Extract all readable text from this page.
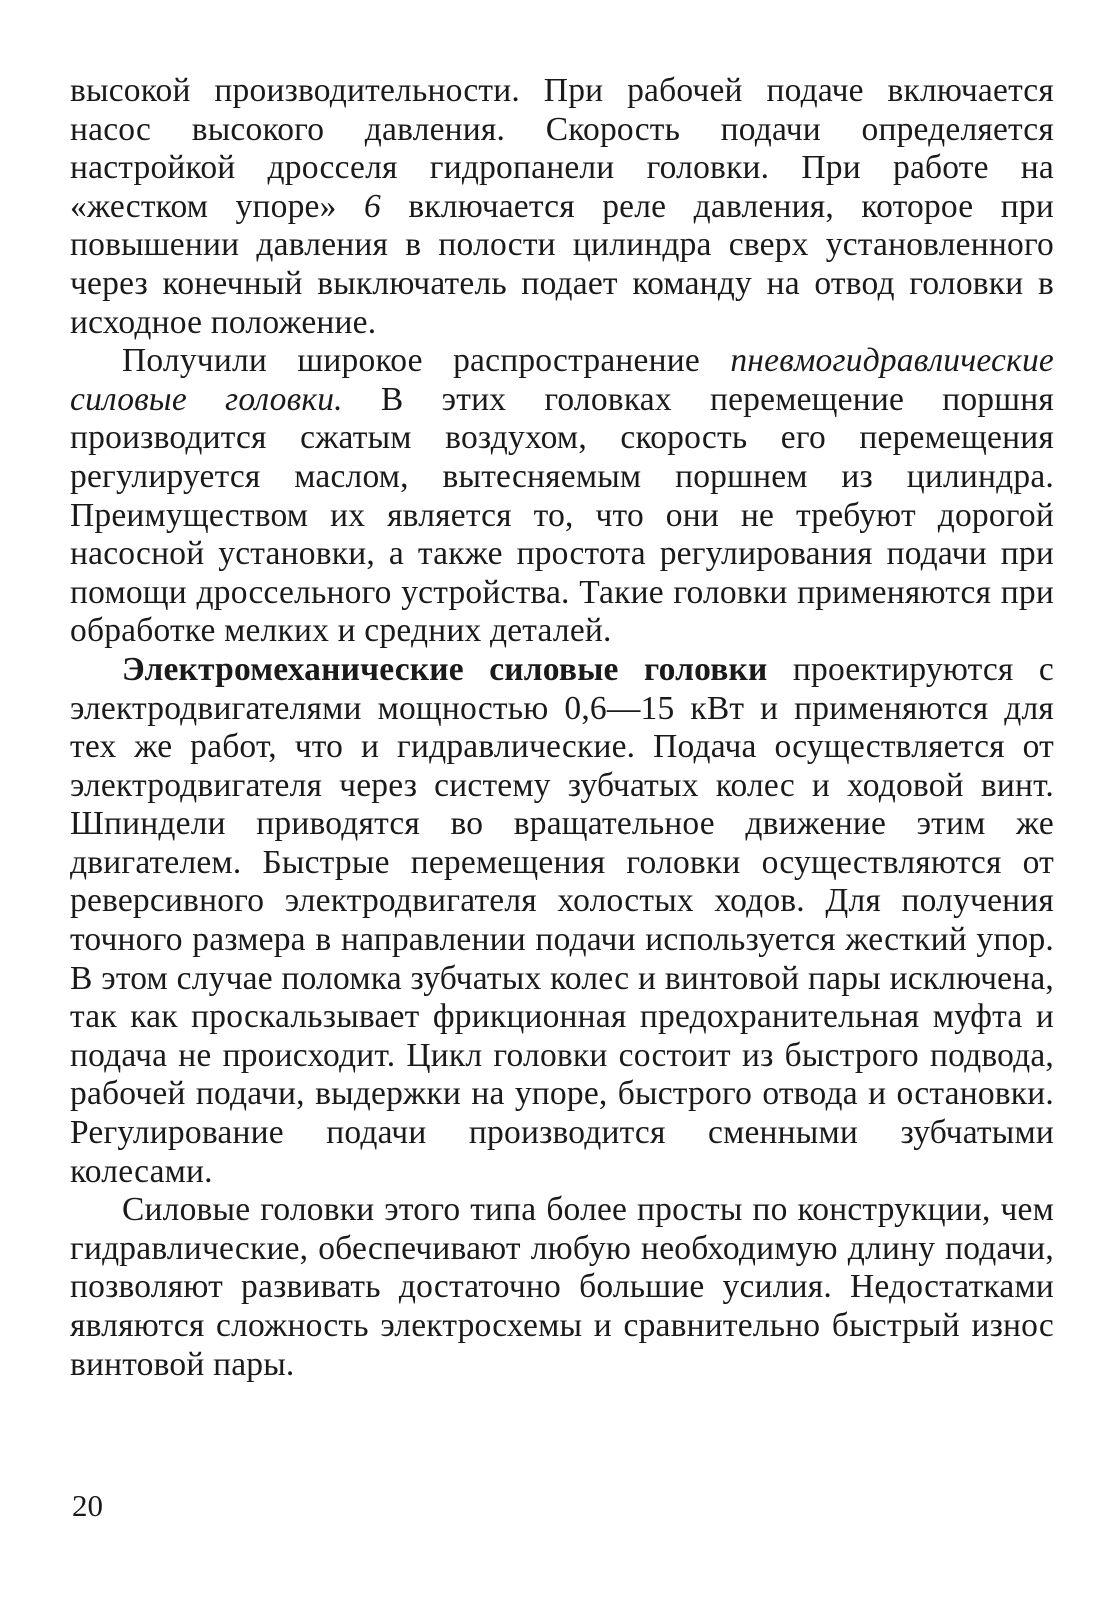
высокой производительности. При рабочей подаче включается насос высокого давления. Скорость подачи определяется настройкой дросселя гидропанели головки. При работе на «жестком упоре» 6 включается реле давления, которое при повышении давления в полости цилиндра сверх установленного через конечный выключатель подает команду на отвод головки в исходное положение.

Получили широкое распространение пневмогидравлические силовые головки. В этих головках перемещение поршня производится сжатым воздухом, скорость его перемещения регулируется маслом, вытесняемым поршнем из цилиндра. Преимуществом их является то, что они не требуют дорогой насосной установки, а также простота регулирования подачи при помощи дроссельного устройства. Такие головки применяются при обработке мелких и средних деталей.

Электромеханические силовые головки проектируются с электродвигателями мощностью 0,6—15 кВт и применяются для тех же работ, что и гидравлические. Подача осуществляется от электродвигателя через систему зубчатых колес и ходовой винт. Шпиндели приводятся во вращательное движение этим же двигателем. Быстрые перемещения головки осуществляются от реверсивного электродвигателя холостых ходов. Для получения точного размера в направлении подачи используется жесткий упор. В этом случае поломка зубчатых колес и винтовой пары исключена, так как проскальзывает фрикционная предохранительная муфта и подача не происходит. Цикл головки состоит из быстрого подвода, рабочей подачи, выдержки на упоре, быстрого отвода и остановки. Регулирование подачи производится сменными зубчатыми колесами.

Силовые головки этого типа более просты по конструкции, чем гидравлические, обеспечивают любую необходимую длину подачи, позволяют развивать достаточно большие усилия. Недостатками являются сложность электросхемы и сравнительно быстрый износ винтовой пары.

20
